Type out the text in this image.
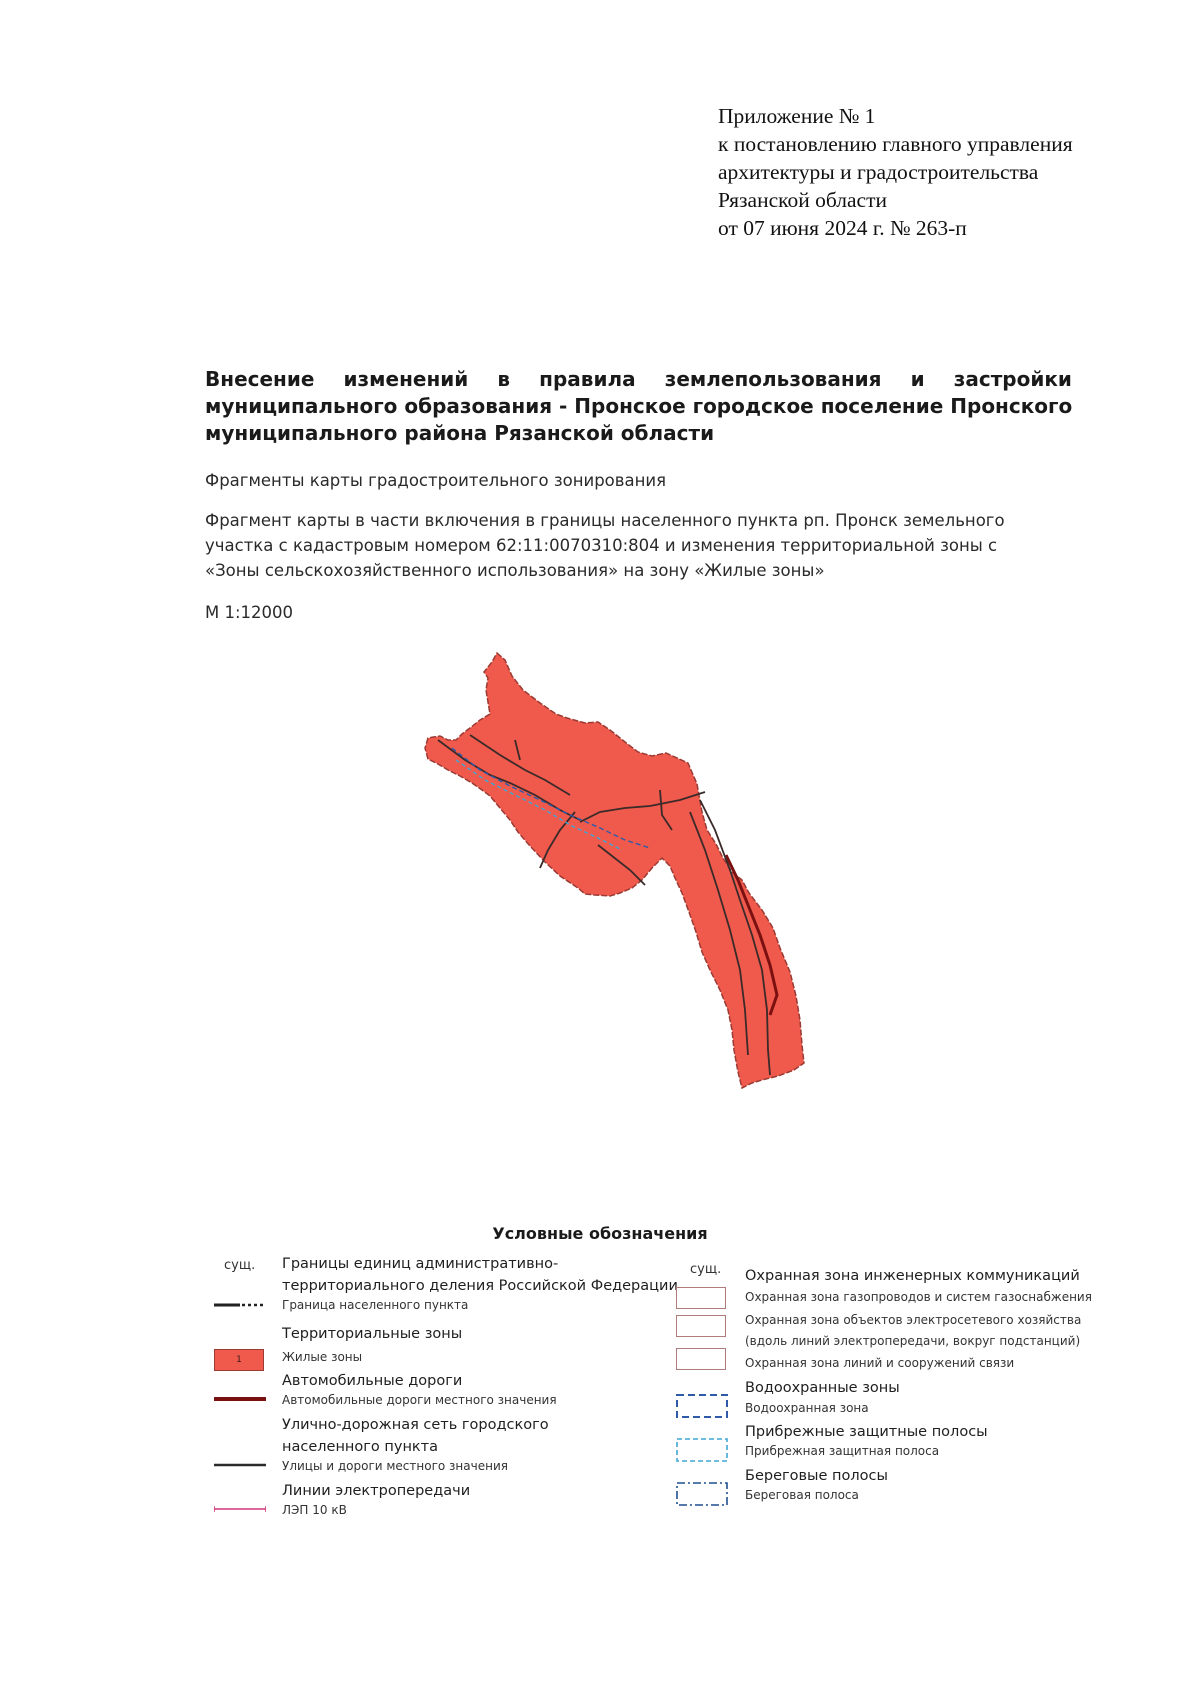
Приложение № 1
к постановлению главного управления
архитектуры и градостроительства
Рязанской области
от 07 июня 2024 г. № 263-п
Внесение изменений в правила землепользования и застройки
муниципального образования - Пронское городское поселение Пронского
муниципального района Рязанской области
Фрагменты карты градостроительного зонирования
Фрагмент карты в части включения в границы населенного пункта рп. Пронск земельного
участка с кадастровым номером 62:11:0070310:804 и изменения территориальной зоны с
«Зоны сельскохозяйственного использования» на зону «Жилые зоны»
М 1:12000
Условные обозначения
сущ. Границы единиц административно-
территориального деления Российской Федерации
Граница населенного пункта
Территориальные зоны
1	Жилые зоны
Автомобильные дороги
Автомобильные дороги местного значения
Улично-дорожная сеть городского
населенного пункта
Улицы и дороги местного значения
Линии электропередачи
ЛЭП 10 кВ
сущ. Охранная зона инженерных коммуникаций
Охранная зона газопроводов и систем газоснабжения
Охранная зона объектов электросетевого хозяйства
(вдоль линий электропередачи, вокруг подстанций)
Охранная зона линий и сооружений связи
Водоохранные зоны
Водоохранная зона
Прибрежные защитные полосы
Прибрежная защитная полоса
Береговые полосы
Береговая полоса
